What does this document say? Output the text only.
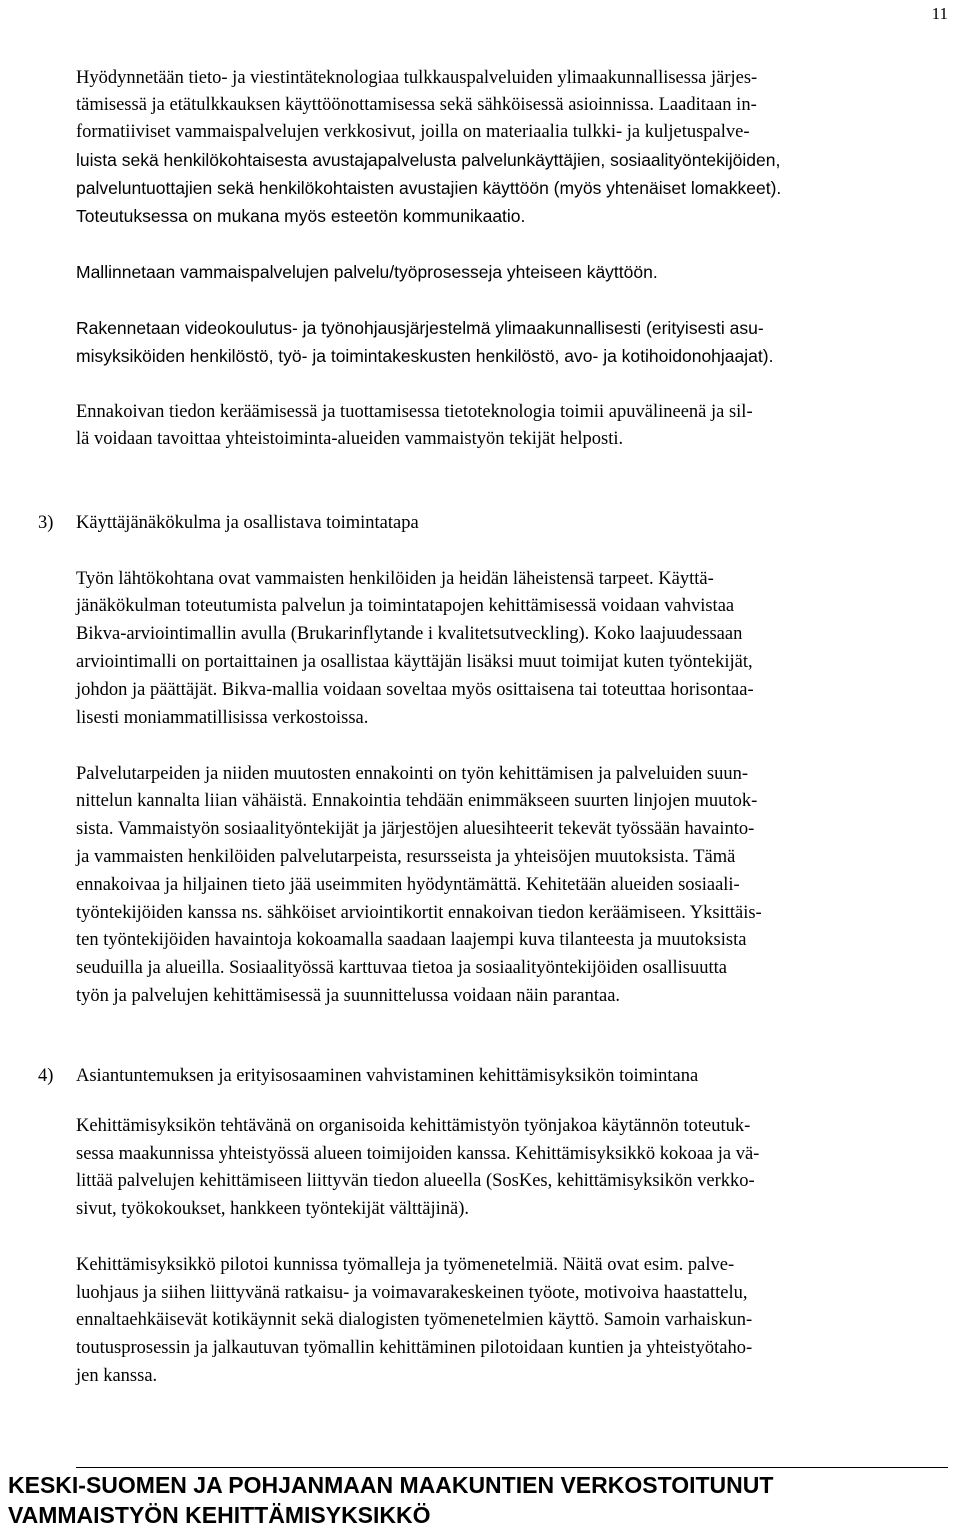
11
Hyödynnetään tieto- ja viestintäteknologiaa tulkkauspalveluiden ylimaakunnallisessa järjes-
tämisessä ja etätulkkauksen käyttöönottamisessa sekä sähköisessä asioinnissa. Laaditaan in-
formatiiviset vammaispalvelujen verkkosivut, joilla on materiaalia tulkki- ja kuljetuspalve-
luista sekä henkilökohtaisesta avustajapalvelusta palvelunkäyttäjien, sosiaalityöntekijöiden,
palveluntuottajien sekä henkilökohtaisten avustajien käyttöön (myös yhtenäiset lomakkeet).
Toteutuksessa on mukana myös esteetön kommunikaatio.
Mallinnetaan vammaispalvelujen palvelu/työprosesseja yhteiseen käyttöön.
Rakennetaan videokoulutus- ja työnohjausjärjestelmä ylimaakunnallisesti (erityisesti asu-
misyksiköiden henkilöstö, työ- ja toimintakeskusten henkilöstö, avo- ja kotihoidonohjaajat).
Ennakoivan tiedon keräämisessä ja tuottamisessa tietoteknologia toimii apuvälineenä ja sil-
lä voidaan tavoittaa yhteistoiminta-alueiden vammaistyön tekijät helposti.
3) Käyttäjänäkökulma ja osallistava toimintatapa
Työn lähtökohtana ovat vammaisten henkilöiden ja heidän läheistensä tarpeet. Käyttä-
jänäkökulman toteutumista palvelun ja toimintatapojen kehittämisessä voidaan vahvistaa
Bikva-arviointimallin avulla (Brukarinflytande i kvalitetsutveckling). Koko laajuudessaan
arviointimalli on portaittainen ja osallistaa käyttäjän lisäksi muut toimijat kuten työntekijät,
johdon ja päättäjät. Bikva-mallia voidaan soveltaa myös osittaisena tai toteuttaa horisontaa-
lisesti moniammatillisissa verkostoissa.
Palvelutarpeiden ja niiden muutosten ennakointi on työn kehittämisen ja palveluiden suun-
nittelun kannalta liian vähäistä. Ennakointia tehdään enimmäkseen suurten linjojen muutok-
sista. Vammaistyön sosiaalityöntekijät ja järjestöjen aluesihteerit tekevät työssään havainto-
ja vammaisten henkilöiden palvelutarpeista, resursseista ja yhteisöjen muutoksista. Tämä
ennakoivaa ja hiljainen tieto jää useimmiten hyödyntämättä. Kehitetään alueiden sosiaali-
työntekijöiden kanssa ns. sähköiset arviointikortit ennakoivan tiedon keräämiseen. Yksittäis-
ten työntekijöiden havaintoja kokoamalla saadaan laajempi kuva tilanteesta ja muutoksista
seuduilla ja alueilla. Sosiaalityössä karttuvaa tietoa ja sosiaalityöntekijöiden osallisuutta
työn ja palvelujen kehittämisessä ja suunnittelussa voidaan näin parantaa.
4) Asiantuntemuksen ja erityisosaaminen vahvistaminen kehittämisyksikön toimintana
Kehittämisyksikön tehtävänä on organisoida kehittämistyön työnjakoa käytännön toteutuk-
sessa maakunnissa yhteistyössä alueen toimijoiden kanssa. Kehittämisyksikkö kokoaa ja vä-
littää palvelujen kehittämiseen liittyvän tiedon alueella (SosKes, kehittämisyksikön verkko-
sivut, työkokoukset, hankkeen työntekijät välttäjinä).
Kehittämisyksikkö pilotoi kunnissa työmalleja ja työmenetelmiä. Näitä ovat esim. palve-
luohjaus ja siihen liittyvänä ratkaisu- ja voimavarakeskeinen työote, motivoiva haastattelu,
ennaltaehkäisevät kotikäynnit sekä dialogisten työmenetelmien käyttö. Samoin varhaiskun-
toutusprosessin ja jalkautuvan työmallin kehittäminen pilotoidaan kuntien ja yhteistyötaho-
jen kanssa.
KESKI-SUOMEN JA POHJANMAAN MAAKUNTIEN VERKOSTOITUNUT
VAMMAISTYÖN KEHITTÄMISYKSIKKÖ
